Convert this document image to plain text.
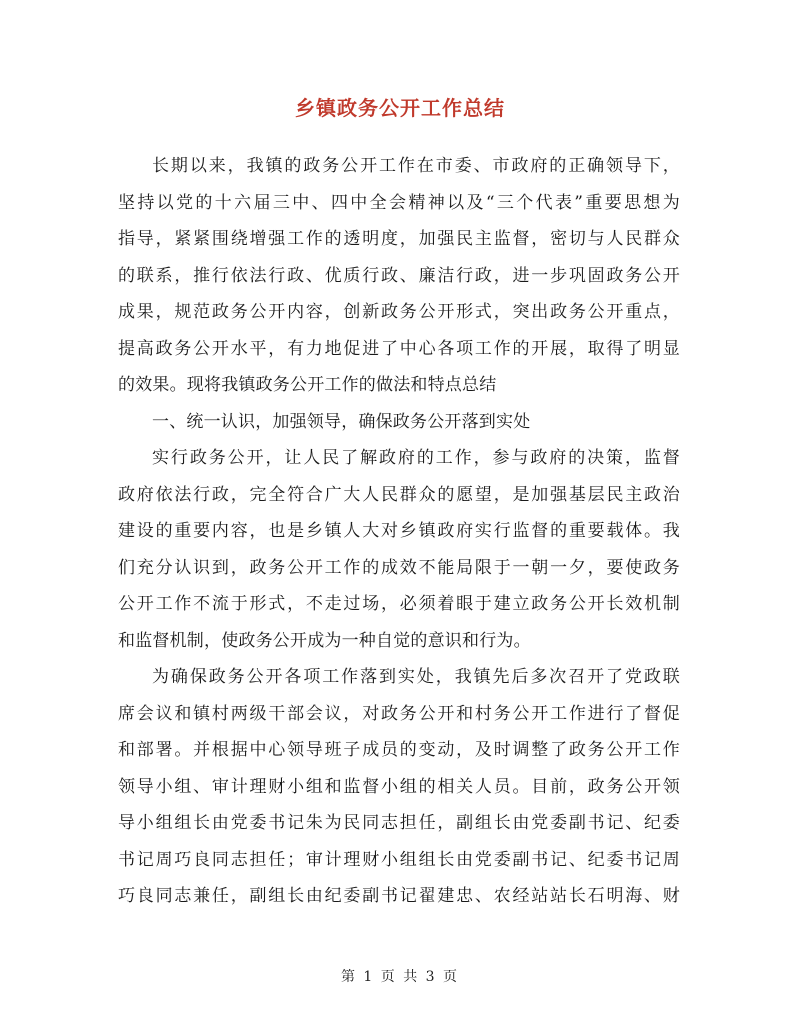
乡镇政务公开工作总结
长期以来，我镇的政务公开工作在市委、市政府的正确领导下，
坚持以党的十六届三中、四中全会精神以及“三个代表”重要思想为
指导，紧紧围绕增强工作的透明度，加强民主监督，密切与人民群众
的联系，推行依法行政、优质行政、廉洁行政，进一步巩固政务公开
成果，规范政务公开内容，创新政务公开形式，突出政务公开重点，
提高政务公开水平，有力地促进了中心各项工作的开展，取得了明显
的效果。现将我镇政务公开工作的做法和特点总结
一、统一认识，加强领导，确保政务公开落到实处
实行政务公开，让人民了解政府的工作，参与政府的决策，监督
政府依法行政，完全符合广大人民群众的愿望，是加强基层民主政治
建设的重要内容，也是乡镇人大对乡镇政府实行监督的重要载体。我
们充分认识到，政务公开工作的成效不能局限于一朝一夕，要使政务
公开工作不流于形式，不走过场，必须着眼于建立政务公开长效机制
和监督机制，使政务公开成为一种自觉的意识和行为。
为确保政务公开各项工作落到实处，我镇先后多次召开了党政联
席会议和镇村两级干部会议，对政务公开和村务公开工作进行了督促
和部署。并根据中心领导班子成员的变动，及时调整了政务公开工作
领导小组、审计理财小组和监督小组的相关人员。目前，政务公开领
导小组组长由党委书记朱为民同志担任，副组长由党委副书记、纪委
书记周巧良同志担任；审计理财小组组长由党委副书记、纪委书记周
巧良同志兼任，副组长由纪委副书记翟建忠、农经站站长石明海、财
第 1 页 共 3 页
